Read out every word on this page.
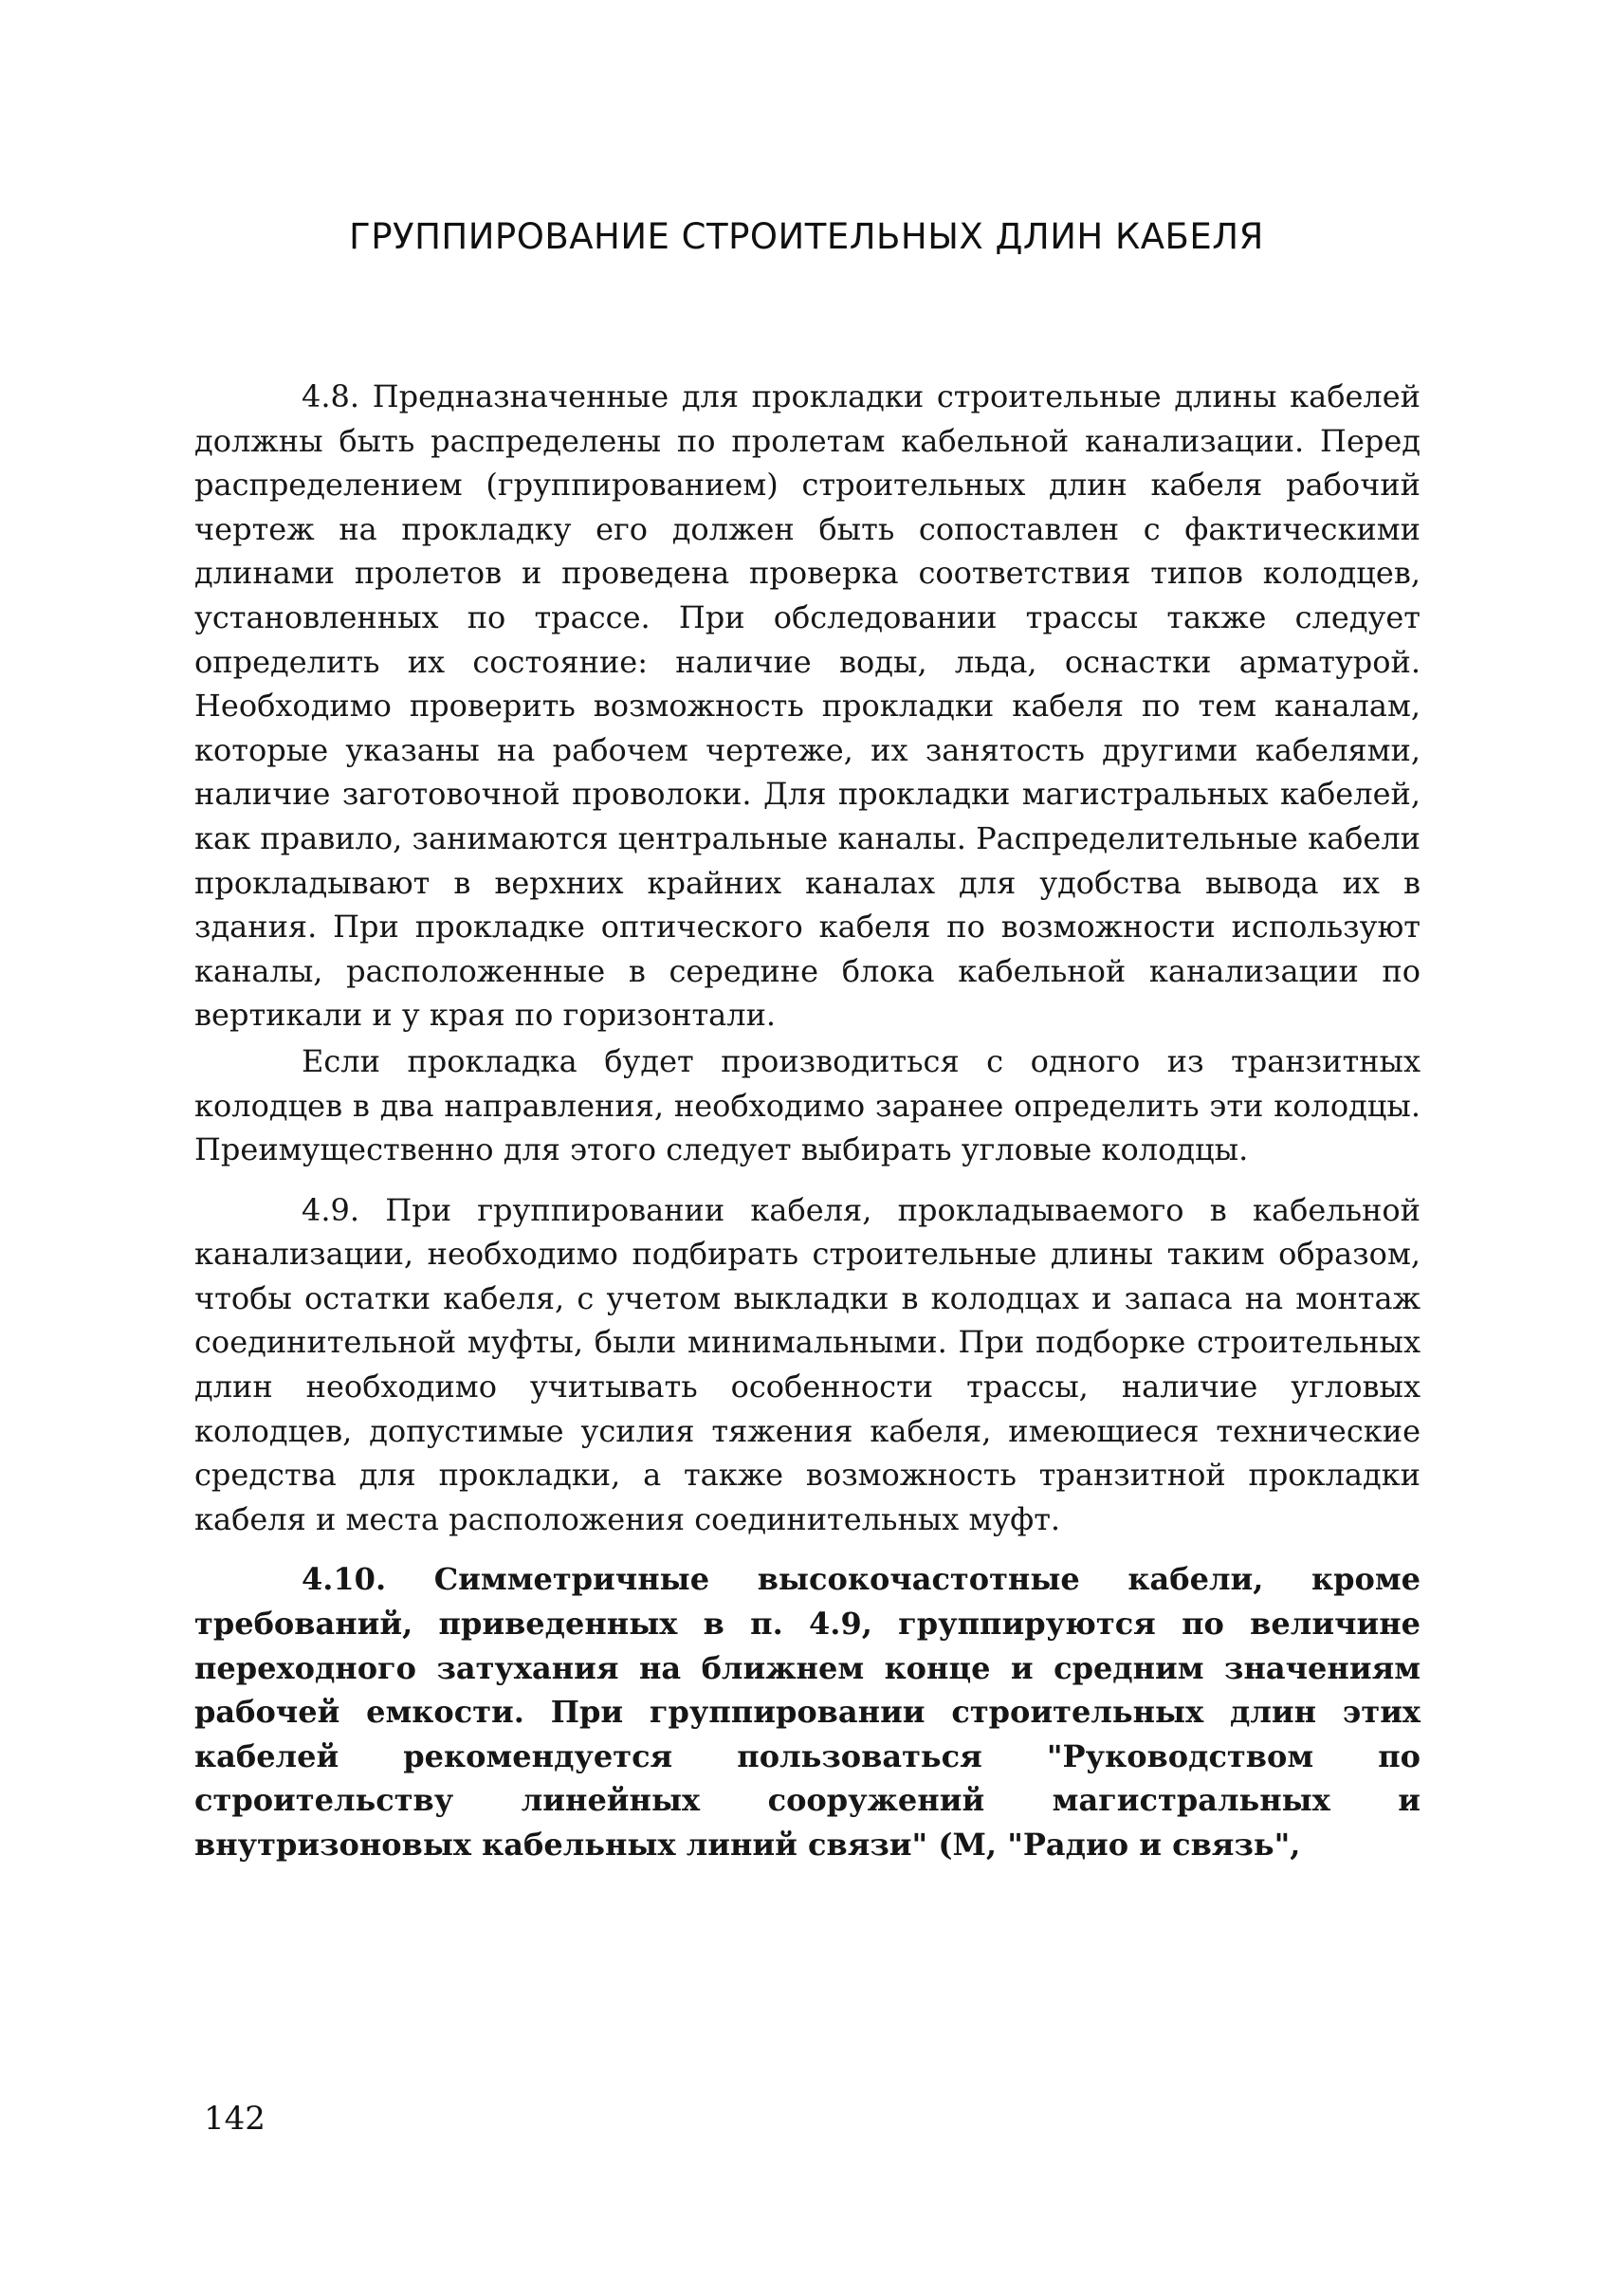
ГРУППИРОВАНИЕ СТРОИТЕЛЬНЫХ ДЛИН КАБЕЛЯ

4.8. Предназначенные для прокладки строительные длины кабелей должны быть распределены по пролетам кабельной канализации. Перед распределением (группированием) строительных длин кабеля рабочий чертеж на прокладку его должен быть сопоставлен с фактическими длинами пролетов и проведена проверка соответствия типов колодцев, установленных по трассе. При обследовании трассы также следует определить их состояние: наличие воды, льда, оснастки арматурой. Необходимо проверить возможность прокладки кабеля по тем каналам, которые указаны на рабочем чертеже, их занятость другими кабелями, наличие заготовочной проволоки. Для прокладки магистральных кабелей, как правило, занимаются центральные каналы. Распределительные кабели прокладывают в верхних крайних каналах для удобства вывода их в здания. При прокладке оптического кабеля по возможности используют каналы, расположенные в середине блока кабельной канализации по вертикали и у края по горизонтали.

Если прокладка будет производиться с одного из транзитных колодцев в два направления, необходимо заранее определить эти колодцы. Преимущественно для этого следует выбирать угловые колодцы.

4.9. При группировании кабеля, прокладываемого в кабельной канализации, необходимо подбирать строительные длины таким образом, чтобы остатки кабеля, с учетом выкладки в колодцах и запаса на монтаж соединительной муфты, были минимальными. При подборке строительных длин необходимо учитывать особенности трассы, наличие угловых колодцев, допустимые усилия тяжения кабеля, имеющиеся технические средства для прокладки, а также возможность транзитной прокладки кабеля и места расположения соединительных муфт.

4.10. Симметричные высокочастотные кабели, кроме требований, приведенных в п. 4.9, группируются по величине переходного затухания на ближнем конце и средним значениям рабочей емкости. При группировании строительных длин этих кабелей рекомендуется пользоваться "Руководством по строительству линейных сооружений магистральных и внутризоновых кабельных линий связи" (М, "Радио и связь",

142
